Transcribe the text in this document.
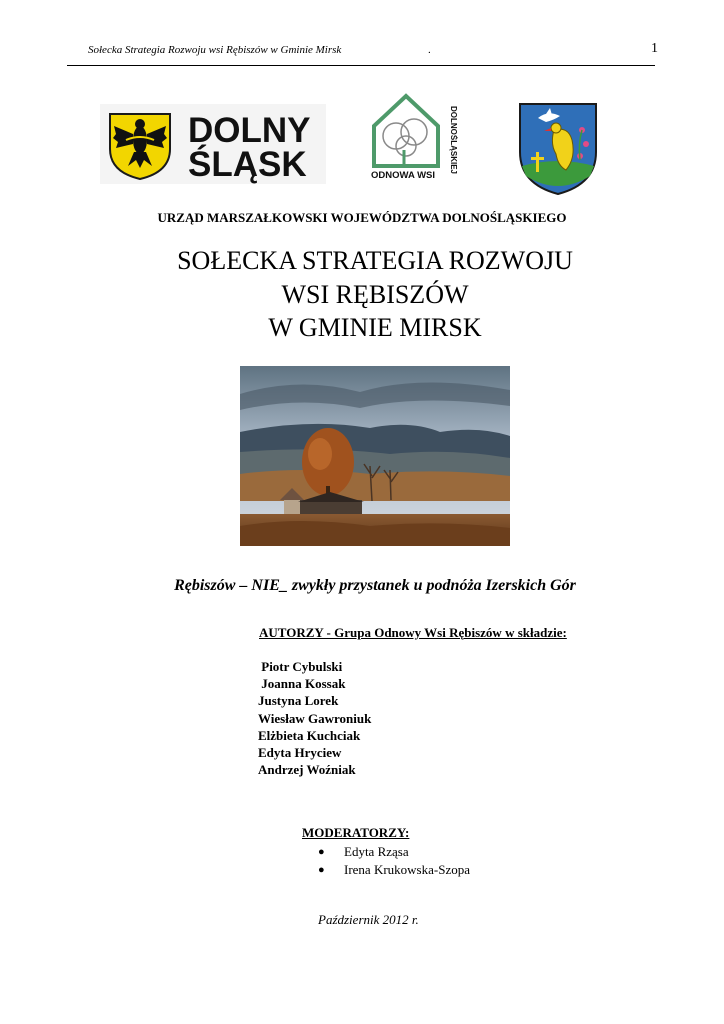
Sołecka Strategia Rozwoju wsi Rębiszów w Gminie Mirsk	.	1
DOLNY
ŚLĄSK	ODNOWA WSI
DOLNOŚLĄSKIEJ
URZĄD MARSZAŁKOWSKI WOJEWÓDZTWA DOLNOŚLĄSKIEGO
SOŁECKA STRATEGIA ROZWOJU
WSI RĘBISZÓW
W GMINIE MIRSK
Rębiszów – NIE_ zwykły przystanek u podnóża Izerskich Gór
AUTORZY - Grupa Odnowy Wsi Rębiszów w składzie:
Piotr Cybulski
Joanna Kossak
Justyna Lorek
Wiesław Gawroniuk
Elżbieta Kuchciak
Edyta Hryciew
Andrzej Woźniak
MODERATORZY:
●	Edyta Rząsa
●	Irena Krukowska-Szopa
Październik 2012 r.
